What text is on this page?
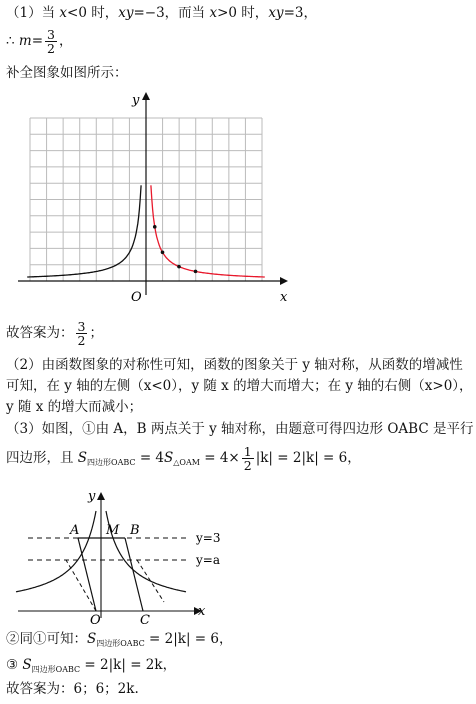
（1）当 x<0 时，xy=−3，而当 x>0 时，xy=3，
∴ $m= \frac{3}{2}$ ，
补全图象如图所示：
y
x
O
故答案为： $\frac{3}{2}$ ；
（2）由函数图象的对称性可知，函数的图象关于 y 轴对称，从函数的增减性
可知，在 y 轴的左侧（x<0），y 随 x 的增大而增大；在 y 轴的右侧（x>0），
y 随 x 的增大而减小；
（3）如图，①由 A，B 两点关于 y 轴对称，由题意可得四边形 OABC 是平行
四边形，且 $S_{四边形OABC} = 4S_{\triangle OAM} = 4\times \frac{1}{2} |k| = 2|k| = 6$，
y
x
O
A M B
C
y=3
y=a
②同①可知：$S_{四边形OABC} = 2|k| = 6$，
③ $S_{四边形OABC} = 2|k| = 2k$，
故答案为：6；6；2k.
